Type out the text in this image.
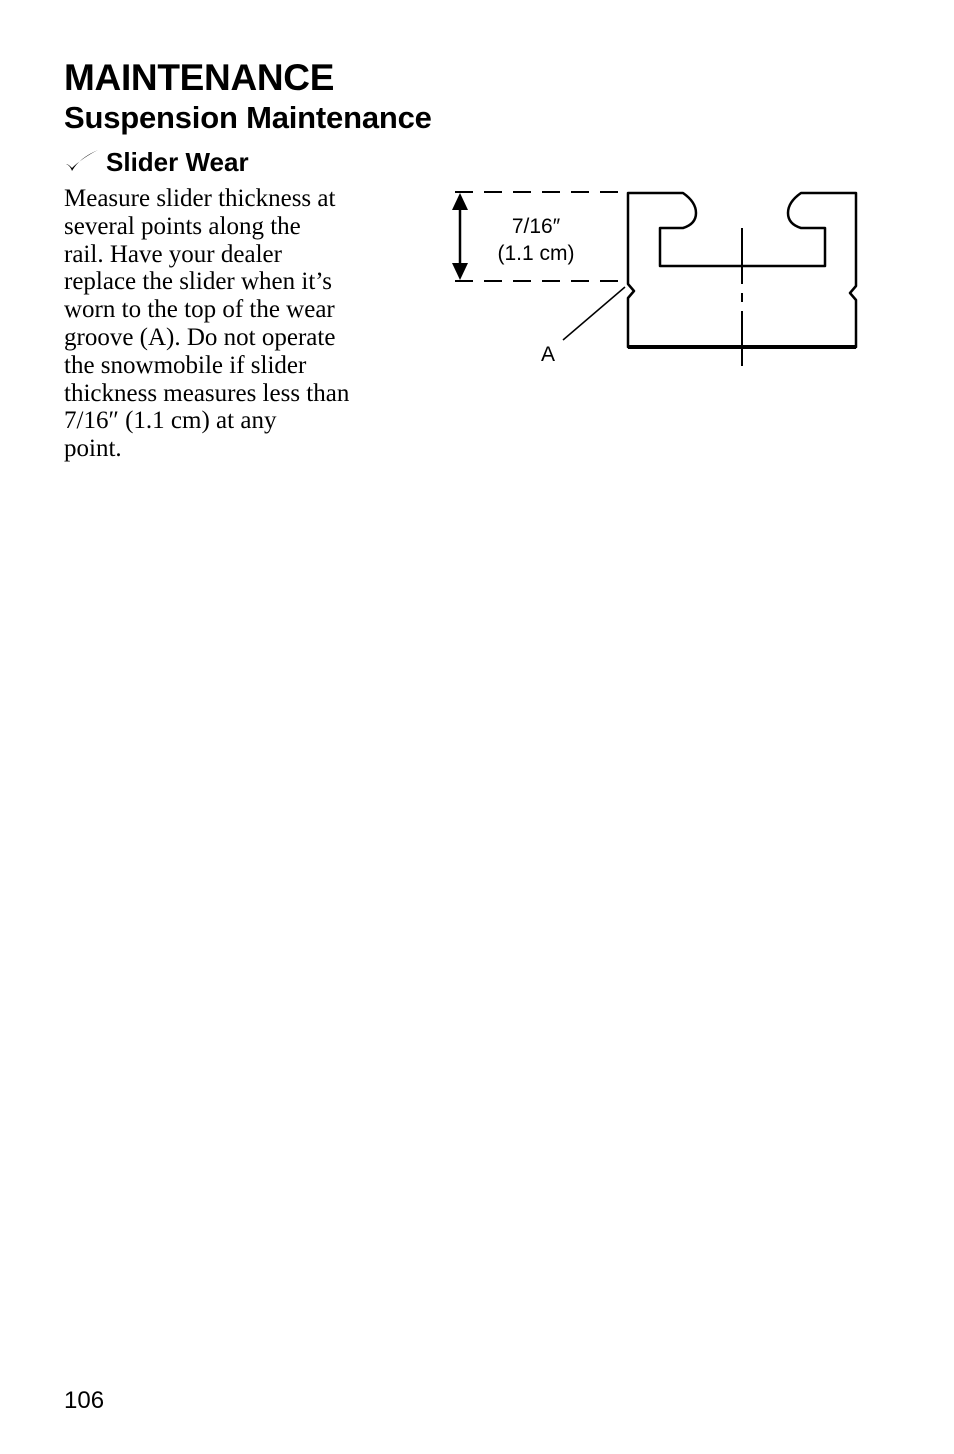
MAINTENANCE
Suspension Maintenance
Slider Wear

Measure slider thickness at
several points along the
rail. Have your dealer
replace the slider when it’s
worn to the top of the wear
groove (A). Do not operate
the snowmobile if slider
thickness measures less than
7/16″ (1.1 cm) at any
point.

7/16″
(1.1 cm)
A

106
